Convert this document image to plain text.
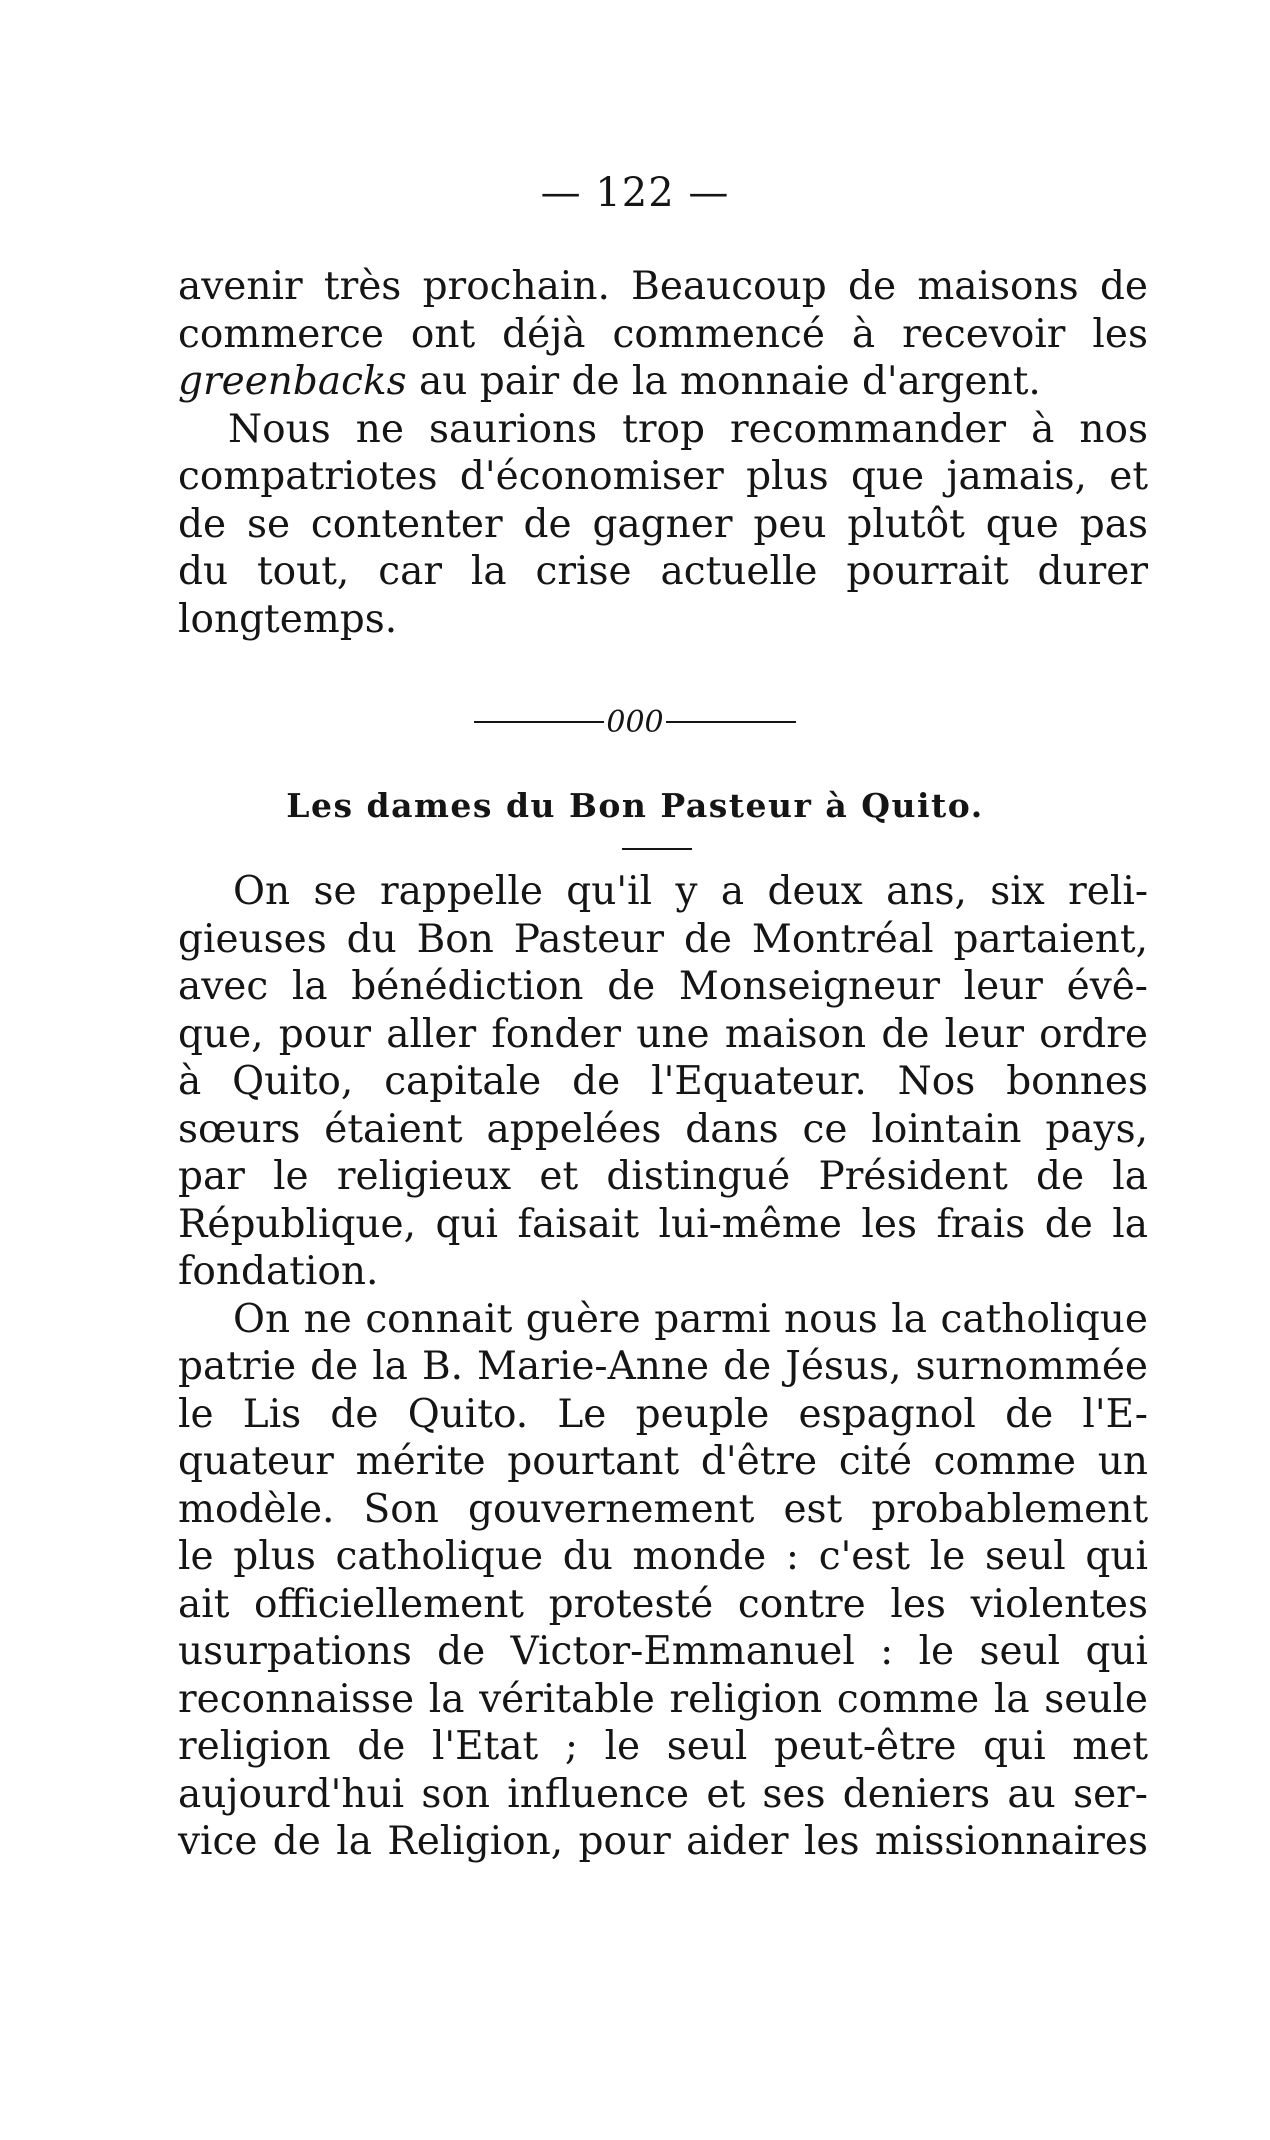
— 122 —
avenir très prochain. Beaucoup de maisons de
commerce ont déjà commencé à recevoir les
greenbacks au pair de la monnaie d'argent.
Nous ne saurions trop recommander à nos
compatriotes d'économiser plus que jamais, et
de se contenter de gagner peu plutôt que pas
du tout, car la crise actuelle pourrait durer
longtemps.
000
Les dames du Bon Pasteur à Quito.
On se rappelle qu'il y a deux ans, six reli-
gieuses du Bon Pasteur de Montréal partaient,
avec la bénédiction de Monseigneur leur évê-
que, pour aller fonder une maison de leur ordre
à Quito, capitale de l'Equateur. Nos bonnes
sœurs étaient appelées dans ce lointain pays,
par le religieux et distingué Président de la
République, qui faisait lui-même les frais de la
fondation.
On ne connait guère parmi nous la catholique
patrie de la B. Marie-Anne de Jésus, surnommée
le Lis de Quito. Le peuple espagnol de l'E-
quateur mérite pourtant d'être cité comme un
modèle. Son gouvernement est probablement
le plus catholique du monde : c'est le seul qui
ait officiellement protesté contre les violentes
usurpations de Victor-Emmanuel : le seul qui
reconnaisse la véritable religion comme la seule
religion de l'Etat ; le seul peut-être qui met
aujourd'hui son influence et ses deniers au ser-
vice de la Religion, pour aider les missionnaires
